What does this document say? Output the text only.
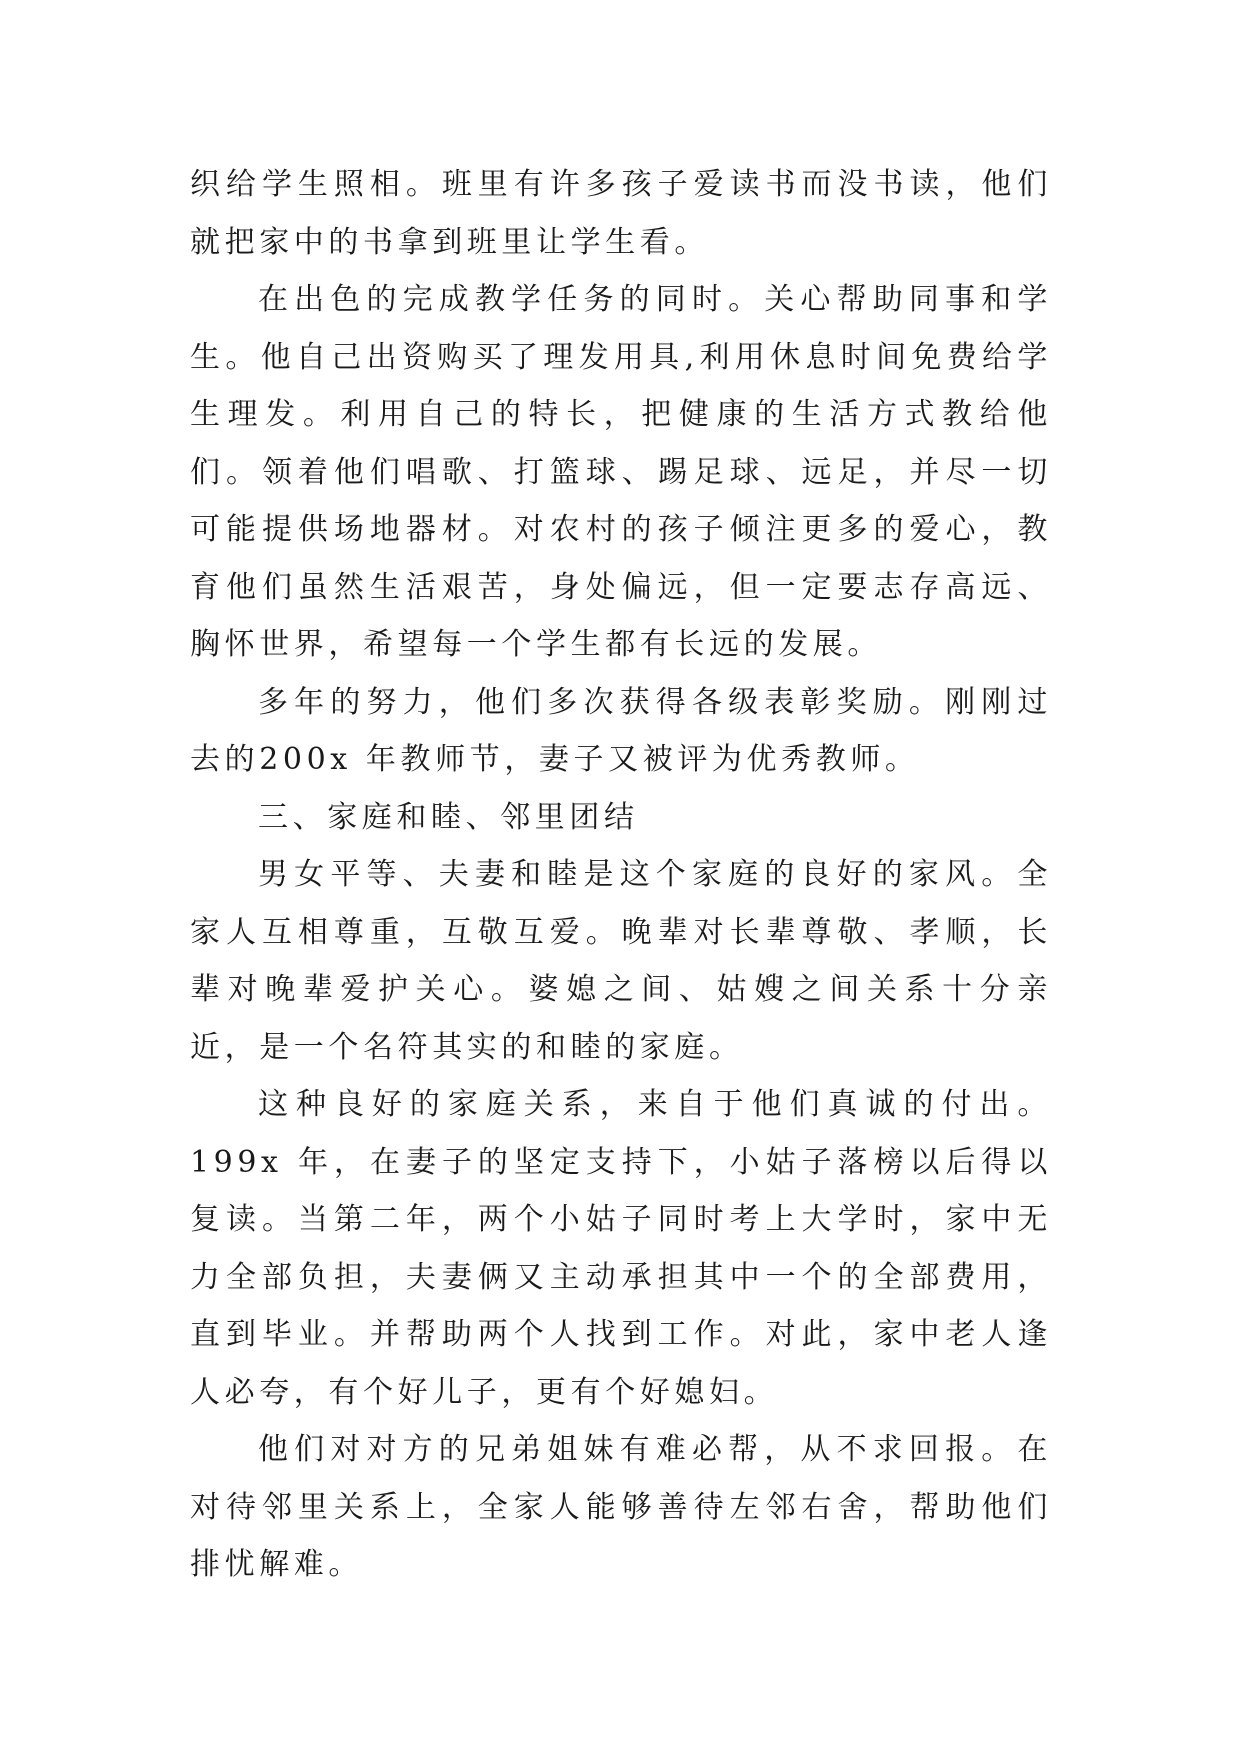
织给学生照相。班里有许多孩子爱读书而没书读，他们就把家中的书拿到班里让学生看。

在出色的完成教学任务的同时。关心帮助同事和学生。他自己出资购买了理发用具,利用休息时间免费给学生理发。利用自己的特长，把健康的生活方式教给他们。领着他们唱歌、打篮球、踢足球、远足，并尽一切可能提供场地器材。对农村的孩子倾注更多的爱心，教育他们虽然生活艰苦，身处偏远，但一定要志存高远、胸怀世界，希望每一个学生都有长远的发展。

多年的努力，他们多次获得各级表彰奖励。刚刚过去的200x 年教师节，妻子又被评为优秀教师。

三、家庭和睦、邻里团结

男女平等、夫妻和睦是这个家庭的良好的家风。全家人互相尊重，互敬互爱。晚辈对长辈尊敬、孝顺，长辈对晚辈爱护关心。婆媳之间、姑嫂之间关系十分亲近，是一个名符其实的和睦的家庭。

这种良好的家庭关系，来自于他们真诚的付出。199x 年，在妻子的坚定支持下，小姑子落榜以后得以复读。当第二年，两个小姑子同时考上大学时，家中无力全部负担，夫妻俩又主动承担其中一个的全部费用，直到毕业。并帮助两个人找到工作。对此，家中老人逢人必夸，有个好儿子，更有个好媳妇。

他们对对方的兄弟姐妹有难必帮，从不求回报。在对待邻里关系上，全家人能够善待左邻右舍，帮助他们排忧解难。
